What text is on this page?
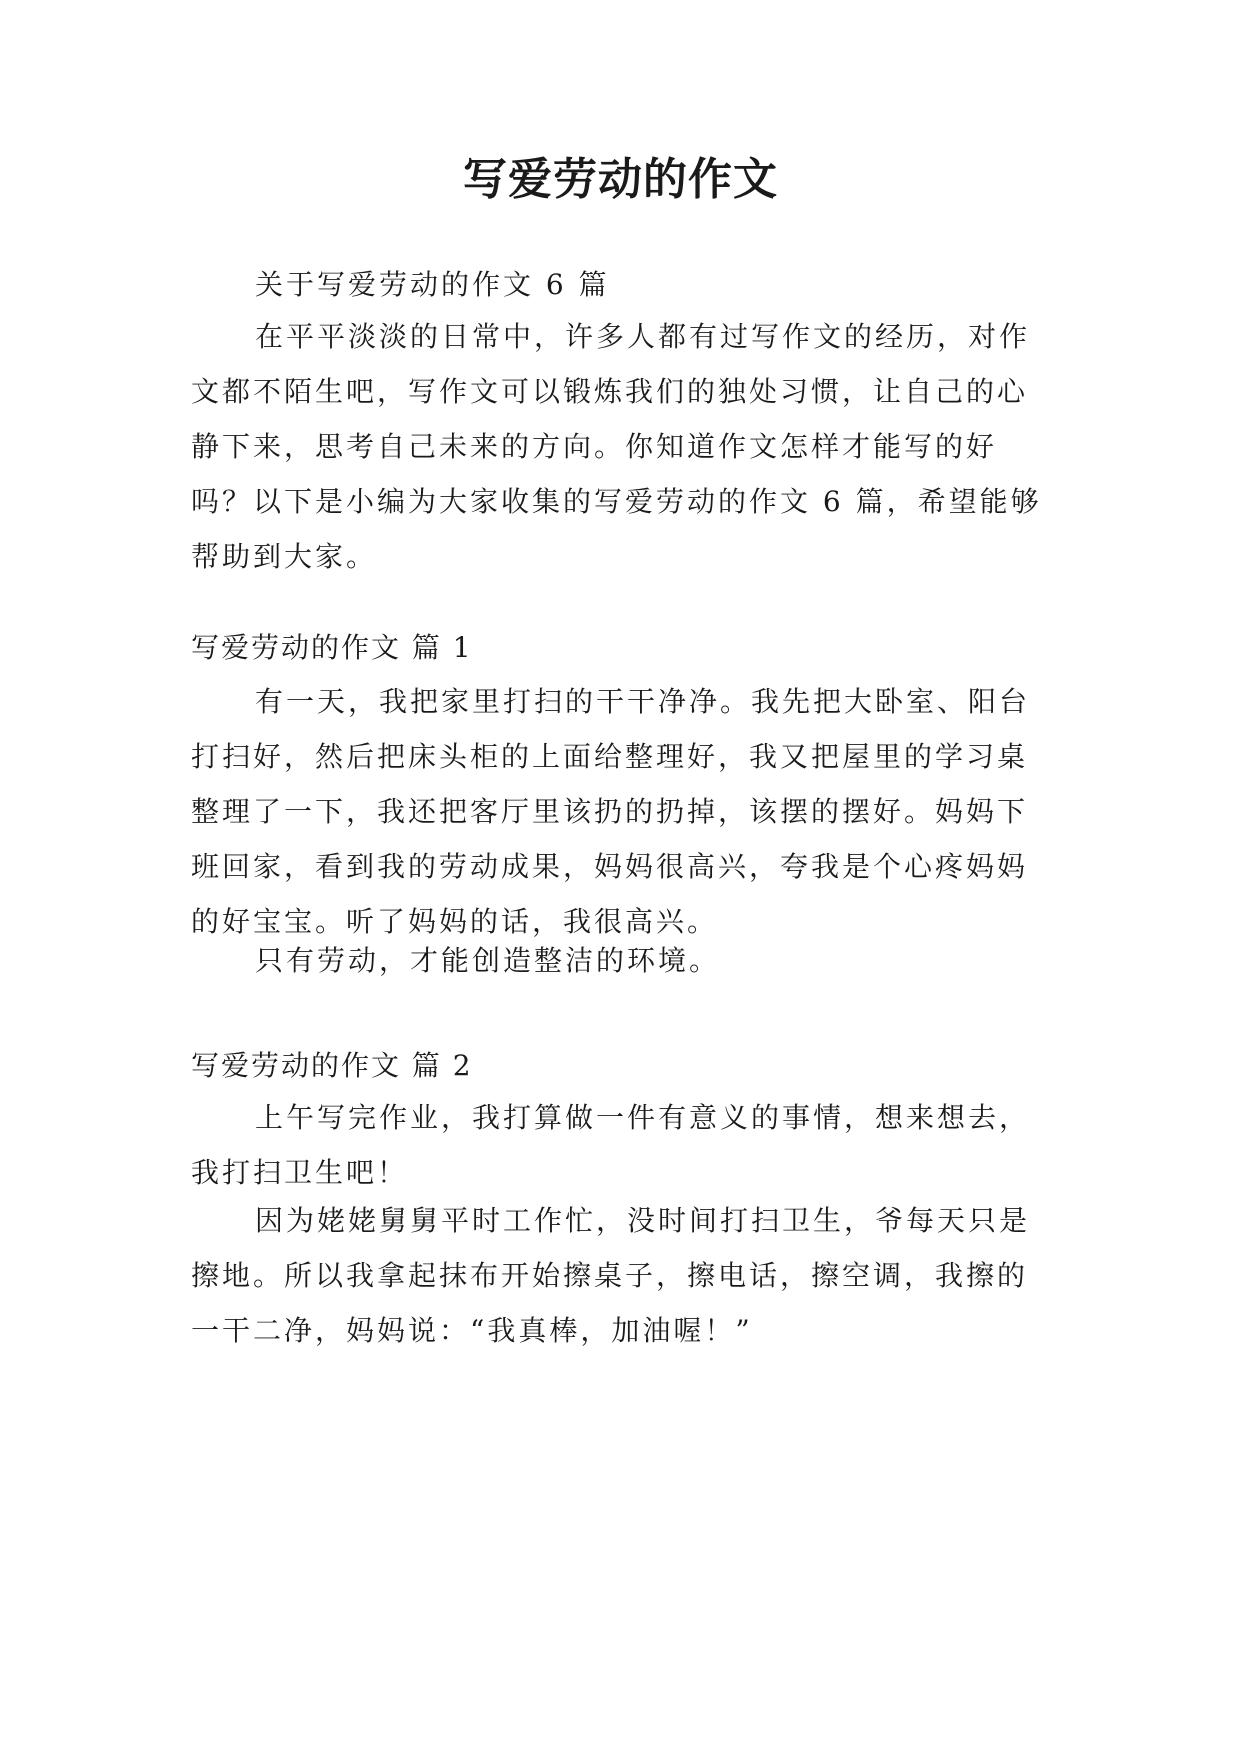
写爱劳动的作文

关于写爱劳动的作文 6 篇

在平平淡淡的日常中，许多人都有过写作文的经历，对作文都不陌生吧，写作文可以锻炼我们的独处习惯，让自己的心静下来，思考自己未来的方向。你知道作文怎样才能写的好吗？以下是小编为大家收集的写爱劳动的作文 6 篇，希望能够帮助到大家。

写爱劳动的作文 篇 1

有一天，我把家里打扫的干干净净。我先把大卧室、阳台打扫好，然后把床头柜的上面给整理好，我又把屋里的学习桌整理了一下，我还把客厅里该扔的扔掉，该摆的摆好。妈妈下班回家，看到我的劳动成果，妈妈很高兴，夸我是个心疼妈妈的好宝宝。听了妈妈的话，我很高兴。

只有劳动，才能创造整洁的环境。

写爱劳动的作文 篇 2

上午写完作业，我打算做一件有意义的事情，想来想去，我打扫卫生吧！

因为姥姥舅舅平时工作忙，没时间打扫卫生，爷每天只是擦地。所以我拿起抹布开始擦桌子，擦电话，擦空调，我擦的一干二净，妈妈说：“我真棒，加油喔！”
